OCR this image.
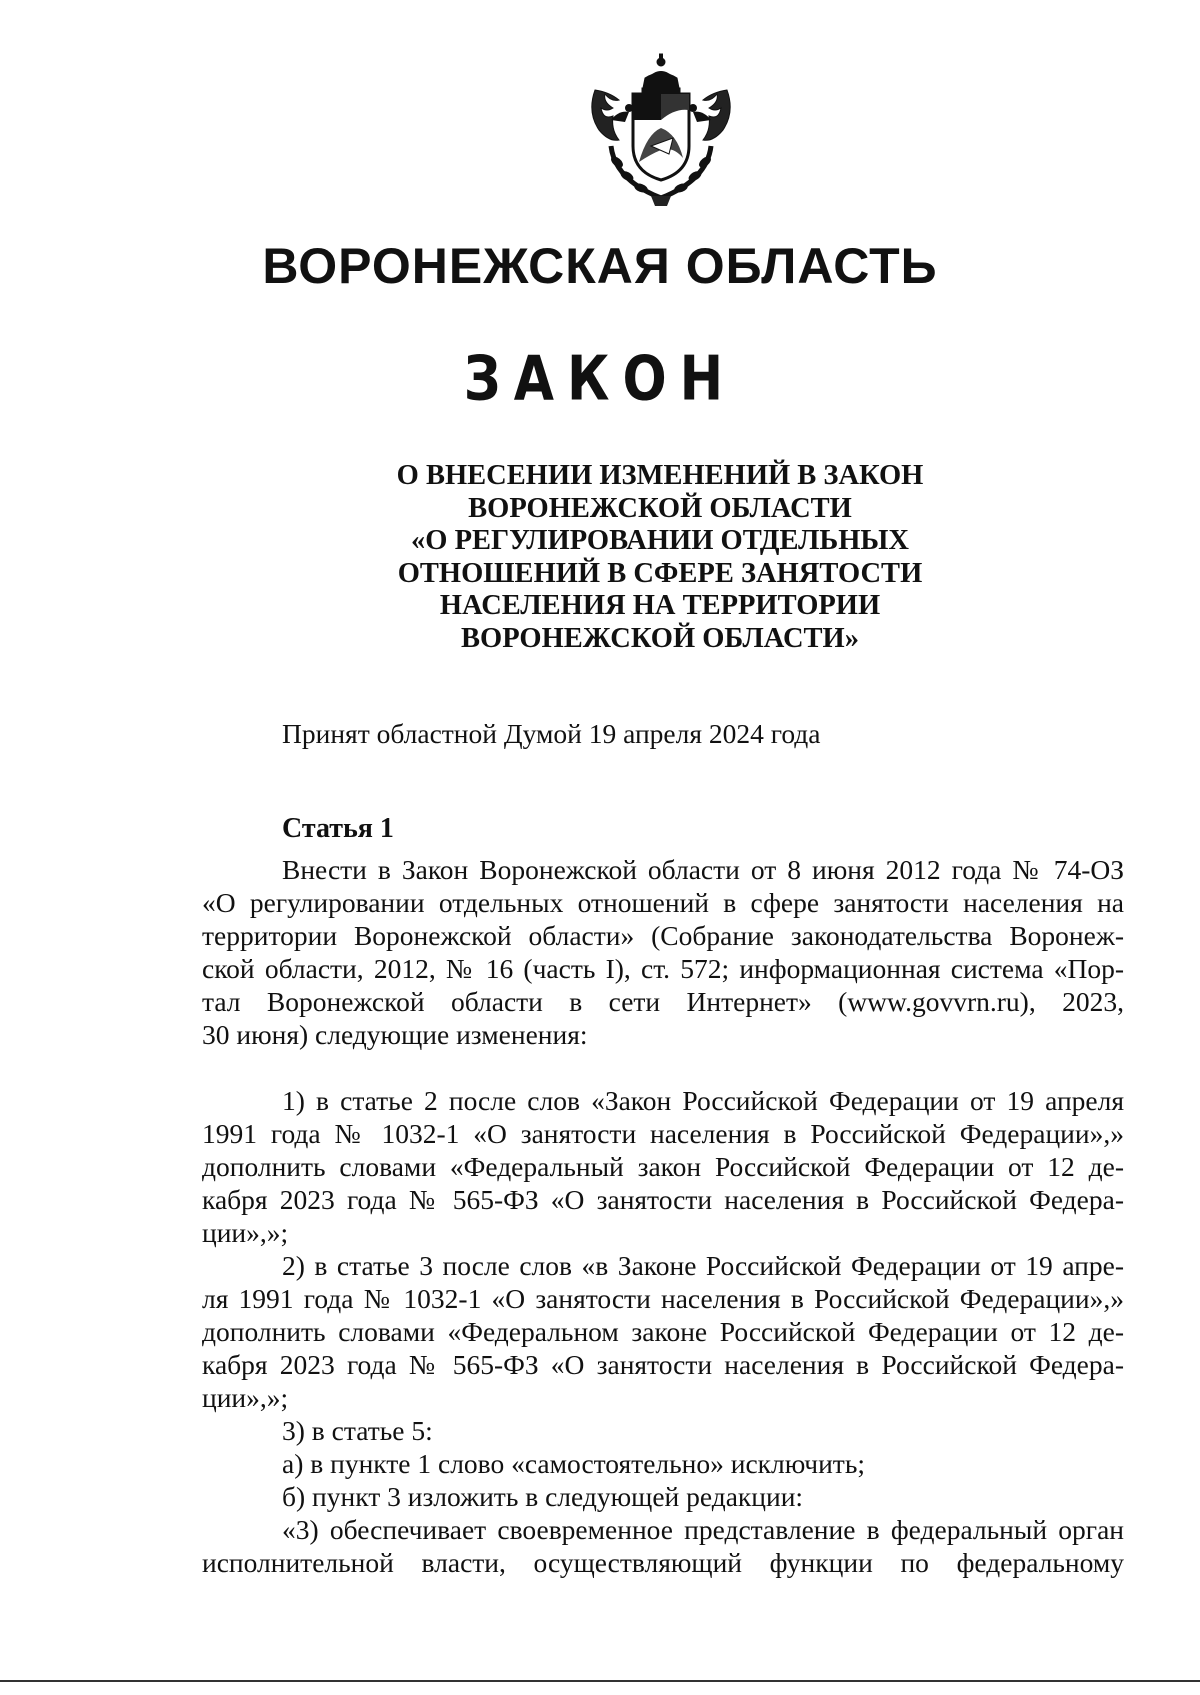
ВОРОНЕЖСКАЯ ОБЛАСТЬ
ЗАКОН
О ВНЕСЕНИИ ИЗМЕНЕНИЙ В ЗАКОН
ВОРОНЕЖСКОЙ ОБЛАСТИ
«О РЕГУЛИРОВАНИИ ОТДЕЛЬНЫХ
ОТНОШЕНИЙ В СФЕРЕ ЗАНЯТОСТИ
НАСЕЛЕНИЯ НА ТЕРРИТОРИИ
ВОРОНЕЖСКОЙ ОБЛАСТИ»

Принят областной Думой 19 апреля 2024 года

Статья 1

Внести в Закон Воронежской области от 8 июня 2012 года № 74-ОЗ
«О регулировании отдельных отношений в сфере занятости населения на
территории Воронежской области» (Собрание законодательства Воронеж-
ской области, 2012, № 16 (часть I), ст. 572; информационная система «Пор-
тал Воронежской области в сети Интернет» (www.govvrn.ru), 2023,
30 июня) следующие изменения:

1) в статье 2 после слов «Закон Российской Федерации от 19 апреля
1991 года № 1032-1 «О занятости населения в Российской Федерации»,»
дополнить словами «Федеральный закон Российской Федерации от 12 де-
кабря 2023 года № 565-ФЗ «О занятости населения в Российской Федера-
ции»,»;

2) в статье 3 после слов «в Законе Российской Федерации от 19 апре-
ля 1991 года № 1032-1 «О занятости населения в Российской Федерации»,»
дополнить словами «Федеральном законе Российской Федерации от 12 де-
кабря 2023 года № 565-ФЗ «О занятости населения в Российской Федера-
ции»,»;

3) в статье 5:

а) в пункте 1 слово «самостоятельно» исключить;

б) пункт 3 изложить в следующей редакции:

«3) обеспечивает своевременное представление в федеральный орган
исполнительной власти, осуществляющий функции по федеральному
